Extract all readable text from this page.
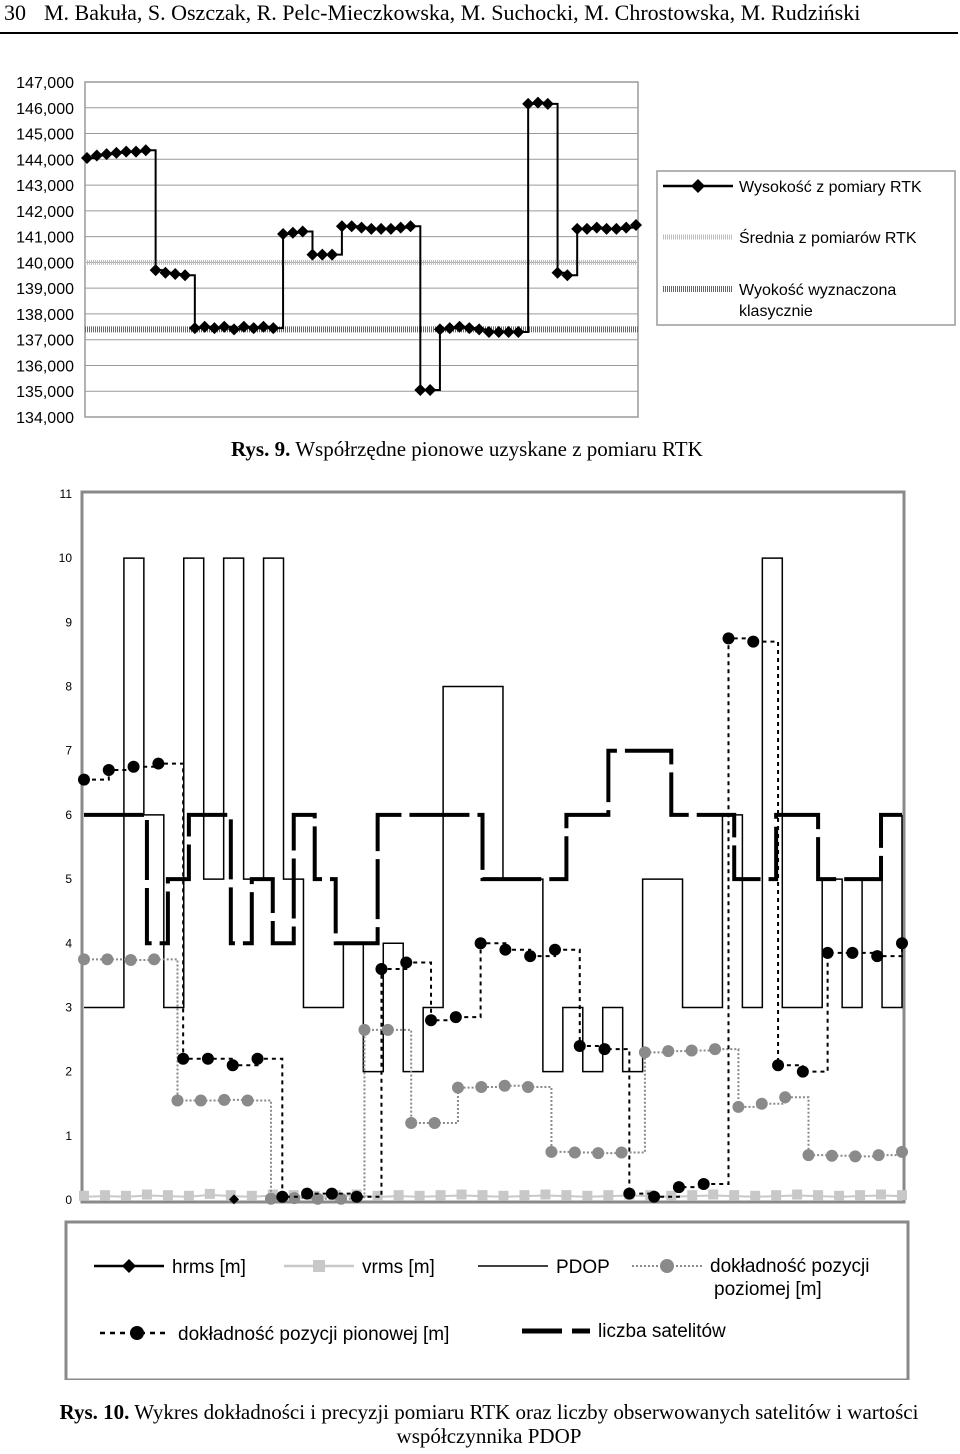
30 M. Bakuła, S. Oszczak, R. Pelc-Mieczkowska, M. Suchocki, M. Chrostowska, M. Rudziński
134,000
135,000
136,000
137,000
138,000
139,000
140,000
141,000
142,000
143,000
144,000
145,000
146,000
147,000
Wysokość z pomiary RTK
Średnia z pomiarów RTK
Wyokość wyznaczona
klasycznie
Rys. 9. Współrzędne pionowe uzyskane z pomiaru RTK
0
1
2
3
4
5
6
7
8
9
10
11
hrms [m]	vrms [m]	PDOP	dokładność pozycji
poziomej [m]
dokładność pozycji pionowej [m]	liczba satelitów
Rys. 10. Wykres dokładności i precyzji pomiaru RTK oraz liczby obserwowanych satelitów i wartości współczynnika PDOP
